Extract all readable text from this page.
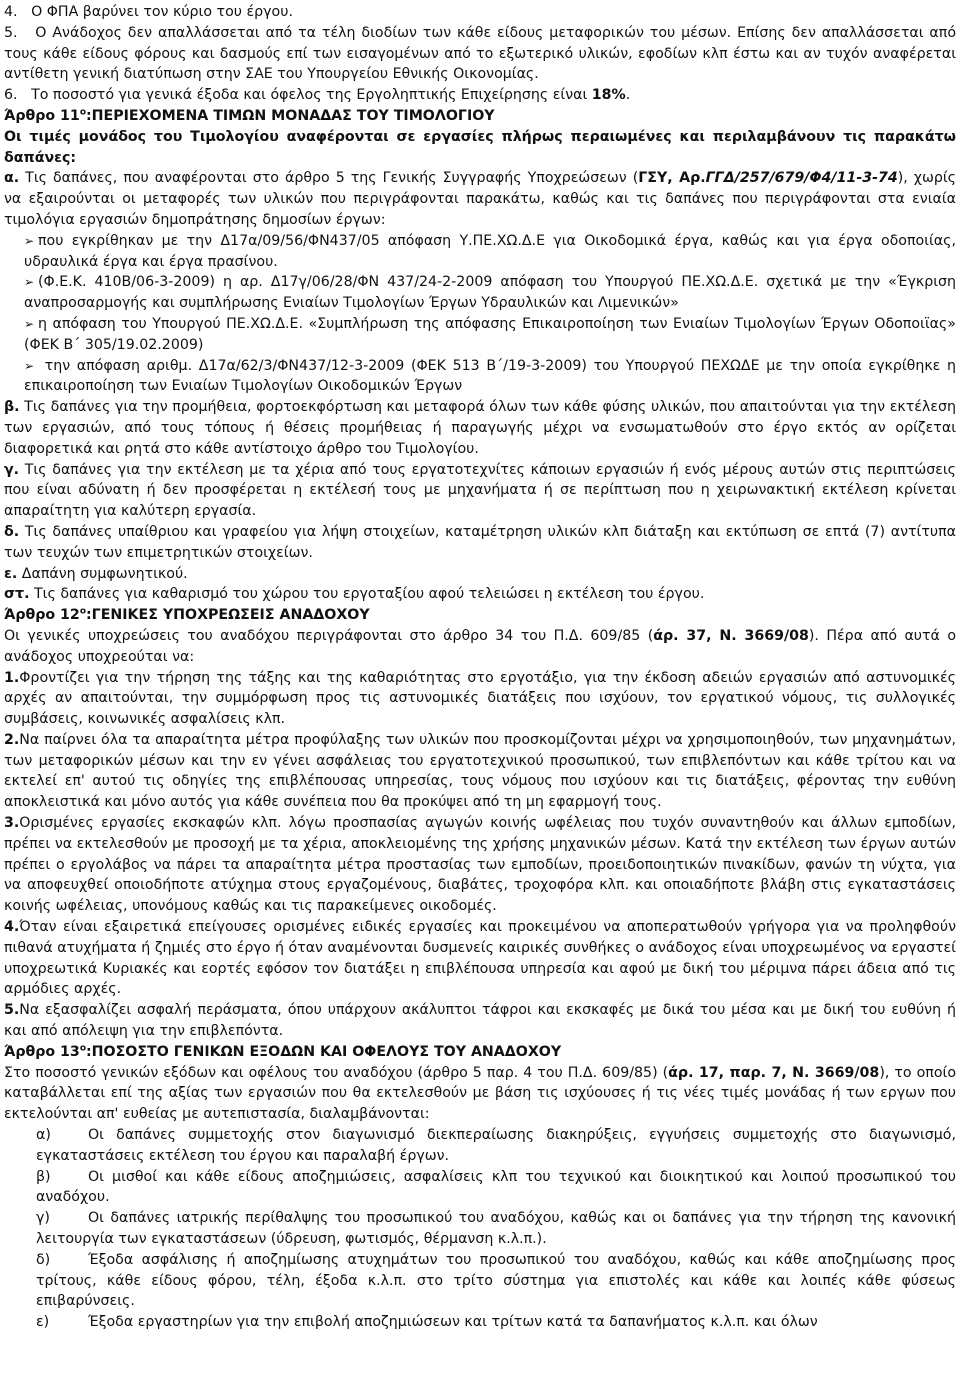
4.   Ο ΦΠΑ βαρύνει τον κύριο του έργου.

5.   Ο Ανάδοχος δεν απαλλάσσεται από τα τέλη διοδίων των κάθε είδους μεταφορικών του μέσων. Επίσης δεν απαλλάσσεται από τους κάθε είδους φόρους και δασμούς επί των εισαγομένων από το εξωτερικό υλικών, εφοδίων κλπ έστω και αν τυχόν αναφέρεται αντίθετη γενική διατύπωση στην ΣΑΕ του Υπουργείου Εθνικής Οικονομίας.

6.   Το ποσοστό για γενικά έξοδα και όφελος της Εργοληπτικής Επιχείρησης είναι 18%.

Άρθρο $11^o:\Pi EPIEXOMENA$ ΤΙΜΩΝ ΜΟΝΑΔΑΣ ΤΟΥ ΤΙΜΟΛΟΓΙΟΥ

Οι τιμές μονάδος του Τιμολογίου αναφέρονται σε εργασίες πλήρως περαιωμένες και περιλαμβάνουν τις παρακάτω δαπάνες:

α. Τις δαπάνες, που αναφέρονται στο άρθρο 5 της Γενικής Συγγραφής Υποχρεώσεων (ΓΣΥ, Αρ.ΓΓΔ/257/679/Φ4/11-3-74), χωρίς να εξαιρούνται οι μεταφορές των υλικών που περιγράφονται παρακάτω, καθώς και τις δαπάνες που περιγράφονται στα ενιαία τιμολόγια εργασιών δημοπράτησης δημοσίων έργων:

➢ που εγκρίθηκαν με την Δ17α/09/56/ΦΝ437/05 απόφαση Υ.ΠΕ.ΧΩ.Δ.Ε για Οικοδομικά έργα, καθώς και για έργα οδοποιίας, υδραυλικά έργα και έργα πρασίνου.

➢ (Φ.Ε.Κ. 410Β/06-3-2009) η αρ. Δ17γ/06/28/ΦΝ 437/24-2-2009 απόφαση του Υπουργού ΠΕ.ΧΩ.Δ.Ε. σχετικά με την «Έγκριση αναπροσαρμογής και συμπλήρωσης Ενιαίων Τιμολογίων Έργων Υδραυλικών και Λιμενικών»

➢ η απόφαση του Υπουργού ΠΕ.ΧΩ.Δ.Ε. «Συμπλήρωση της απόφασης Επικαιροποίηση των Ενιαίων Τιμολογίων Έργων Οδοποιϊας» (ΦΕΚ Β΄ 305/19.02.2009)

➢ την απόφαση αριθμ. Δ17α/62/3/ΦΝ437/12-3-2009 (ΦΕΚ 513 Β΄/19-3-2009) του Υπουργού ΠΕΧΩΔΕ με την οποία εγκρίθηκε η επικαιροποίηση των Ενιαίων Τιμολογίων Οικοδομικών Έργων

β. Τις δαπάνες για την προμήθεια, φορτοεκφόρτωση και μεταφορά όλων των κάθε φύσης υλικών, που απαιτούνται για την εκτέλεση των εργασιών, από τους τόπους ή θέσεις προμήθειας ή παραγωγής μέχρι να ενσωματωθούν στο έργο εκτός αν ορίζεται διαφορετικά και ρητά στο κάθε αντίστοιχο άρθρο του Τιμολογίου.

γ. Τις δαπάνες για την εκτέλεση με τα χέρια από τους εργατοτεχνίτες κάποιων εργασιών ή ενός μέρους αυτών στις περιπτώσεις που είναι αδύνατη ή δεν προσφέρεται η εκτέλεσή τους με μηχανήματα ή σε περίπτωση που η χειρωνακτική εκτέλεση κρίνεται απαραίτητη για καλύτερη εργασία.

δ. Τις δαπάνες υπαίθριου και γραφείου για λήψη στοιχείων, καταμέτρηση υλικών κλπ διάταξη και εκτύπωση σε επτά (7) αντίτυπα των τευχών των επιμετρητικών στοιχείων.

ε. Δαπάνη συμφωνητικού.

στ. Τις δαπάνες για καθαρισμό του χώρου του εργοταξίου αφού τελειώσει η εκτέλεση του έργου.

Άρθρο $12^o:\Gamma ENIKE\Sigma$ ΥΠΟΧΡΕΩΣΕΙΣ ΑΝΑΔΟΧΟΥ

Οι γενικές υποχρεώσεις του αναδόχου περιγράφονται στο άρθρο 34 του Π.Δ. 609/85 (άρ. 37, Ν. 3669/08). Πέρα από αυτά ο ανάδοχος υποχρεούται να:

1.Φροντίζει για την τήρηση της τάξης και της καθαριότητας στο εργοτάξιο, για την έκδοση αδειών εργασιών από αστυνομικές αρχές αν απαιτούνται, την συμμόρφωση προς τις αστυνομικές διατάξεις που ισχύουν, τον εργατικού νόμους, τις συλλογικές συμβάσεις, κοινωνικές ασφαλίσεις κλπ.

2.Να παίρνει όλα τα απαραίτητα μέτρα προφύλαξης των υλικών που προσκομίζονται μέχρι να χρησιμοποιηθούν, των μηχανημάτων, των μεταφορικών μέσων και την εν γένει ασφάλειας του εργατοτεχνικού προσωπικού, των επιβλεπόντων και κάθε τρίτου και να εκτελεί επ' αυτού τις οδηγίες της επιβλέπουσας υπηρεσίας, τους νόμους που ισχύουν και τις διατάξεις, φέροντας την ευθύνη αποκλειστικά και μόνο αυτός για κάθε συνέπεια που θα προκύψει από τη μη εφαρμογή τους.

3.Ορισμένες εργασίες εκσκαφών κλπ. λόγω προσπασίας αγωγών κοινής ωφέλειας που τυχόν συναντηθούν και άλλων εμποδίων, πρέπει να εκτελεσθούν με προσοχή με τα χέρια, αποκλειομένης της χρήσης μηχανικών μέσων. Κατά την εκτέλεση των έργων αυτών πρέπει ο εργολάβος να πάρει τα απαραίτητα μέτρα προστασίας των εμποδίων, προειδοποιητικών πινακίδων, φανών τη νύχτα, για να αποφευχθεί οποιοδήποτε ατύχημα στους εργαζομένους, διαβάτες, τροχοφόρα κλπ. και οποιαδήποτε βλάβη στις εγκαταστάσεις κοινής ωφέλειας, υπονόμους καθώς και τις παρακείμενες οικοδομές.

4.Όταν είναι εξαιρετικά επείγουσες ορισμένες ειδικές εργασίες και προκειμένου να αποπερατωθούν γρήγορα για να προληφθούν πιθανά ατυχήματα ή ζημιές στο έργο ή όταν αναμένονται δυσμενείς καιρικές συνθήκες ο ανάδοχος είναι υποχρεωμένος να εργαστεί υποχρεωτικά Κυριακές και εορτές εφόσον τον διατάξει η επιβλέπουσα υπηρεσία και αφού με δική του μέριμνα πάρει άδεια από τις αρμόδιες αρχές.

5.Να εξασφαλίζει ασφαλή περάσματα, όπου υπάρχουν ακάλυπτοι τάφροι και εκσκαφές με δικά του μέσα και με δική του ευθύνη ή και από απόλειψη για την επιβλεπόντα.

Άρθρο $13^o:\Pi O\Sigma O\Sigma TO$ ΓΕΝΙΚΩΝ ΕΞΟΔΩΝ ΚΑΙ ΟΦΕΛΟΥΣ ΤΟΥ ΑΝΑΔΟΧΟΥ

Στο ποσοστό γενικών εξόδων και οφέλους του αναδόχου (άρθρο 5 παρ. 4 του Π.Δ. 609/85) (άρ. 17, παρ. 7, Ν. 3669/08), το οποίο καταβάλλεται επί της αξίας των εργασιών που θα εκτελεσθούν με βάση τις ισχύουσες ή τις νέες τιμές μονάδας ή των εργων που εκτελούνται απ' ευθείας με αυτεπιστασία, διαλαμβάνονται:

α)	Οι δαπάνες συμμετοχής στον διαγωνισμό διεκπεραίωσης διακηρύξεις, εγγυήσεις συμμετοχής στο διαγωνισμό, εγκαταστάσεις εκτέλεση του έργου και παραλαβή έργων.

β)	Οι μισθοί και κάθε είδους αποζημιώσεις, ασφαλίσεις κλπ του τεχνικού και διοικητικού και λοιπού προσωπικού του αναδόχου.

γ)	Οι δαπάνες ιατρικής περίθαλψης του προσωπικού του αναδόχου, καθώς και οι δαπάνες για την τήρηση της κανονική λειτουργία των εγκαταστάσεων (ύδρευση, φωτισμός, θέρμανση κ.λ.π.).

δ)	Έξοδα ασφάλισης ή αποζημίωσης ατυχημάτων του προσωπικού του αναδόχου, καθώς και κάθε αποζημίωσης προς τρίτους, κάθε είδους φόρου, τέλη, έξοδα κ.λ.π. στο τρίτο σύστημα για επιστολές και κάθε και λοιπές κάθε φύσεως επιβαρύνσεις.

ε)	Έξοδα εργαστηρίων για την επιβολή αποζημιώσεων και τρίτων κατά τα δαπανήματος κ.λ.π. και όλων
